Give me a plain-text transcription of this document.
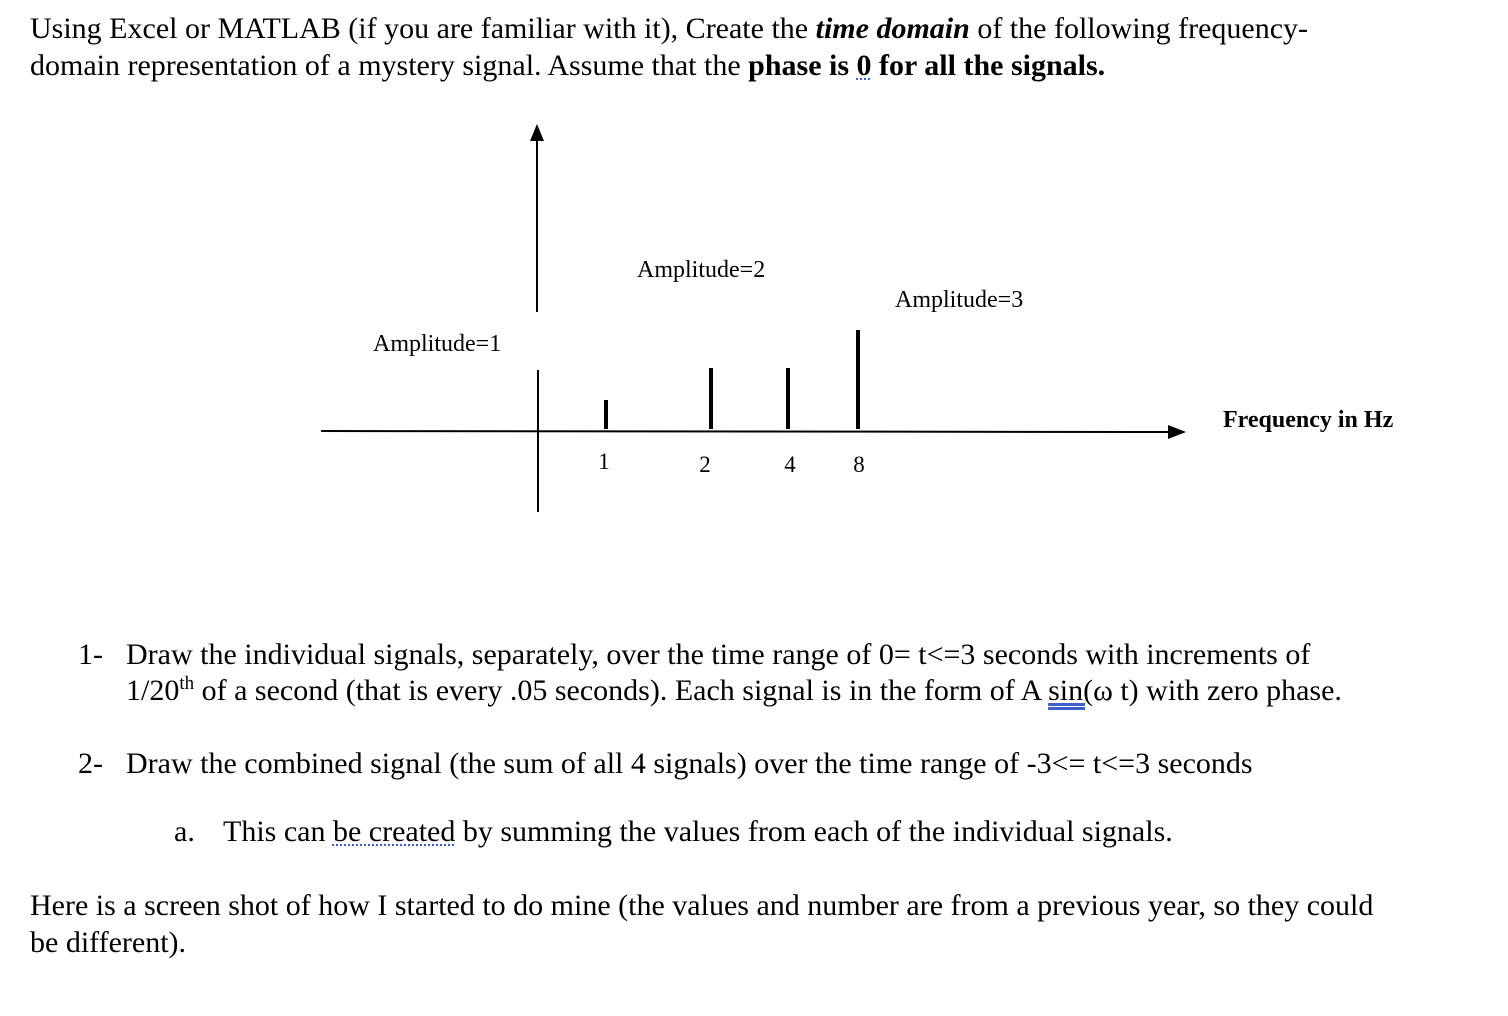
Using Excel or MATLAB (if you are familiar with it), Create the time domain of the following frequency-
domain representation of a mystery signal. Assume that the phase is 0 for all the signals.
1	2	4	8
Amplitude=1
Amplitude=2
Amplitude=3
Frequency in Hz
1- Draw the individual signals, separately, over the time range of 0= t<=3 seconds with increments of
1/20th of a second (that is every .05 seconds). Each signal is in the form of A sin(ω t) with zero phase.
2- Draw the combined signal (the sum of all 4 signals) over the time range of -3<= t<=3 seconds
a. This can be created by summing the values from each of the individual signals.
Here is a screen shot of how I started to do mine (the values and number are from a previous year, so they could
be different).
